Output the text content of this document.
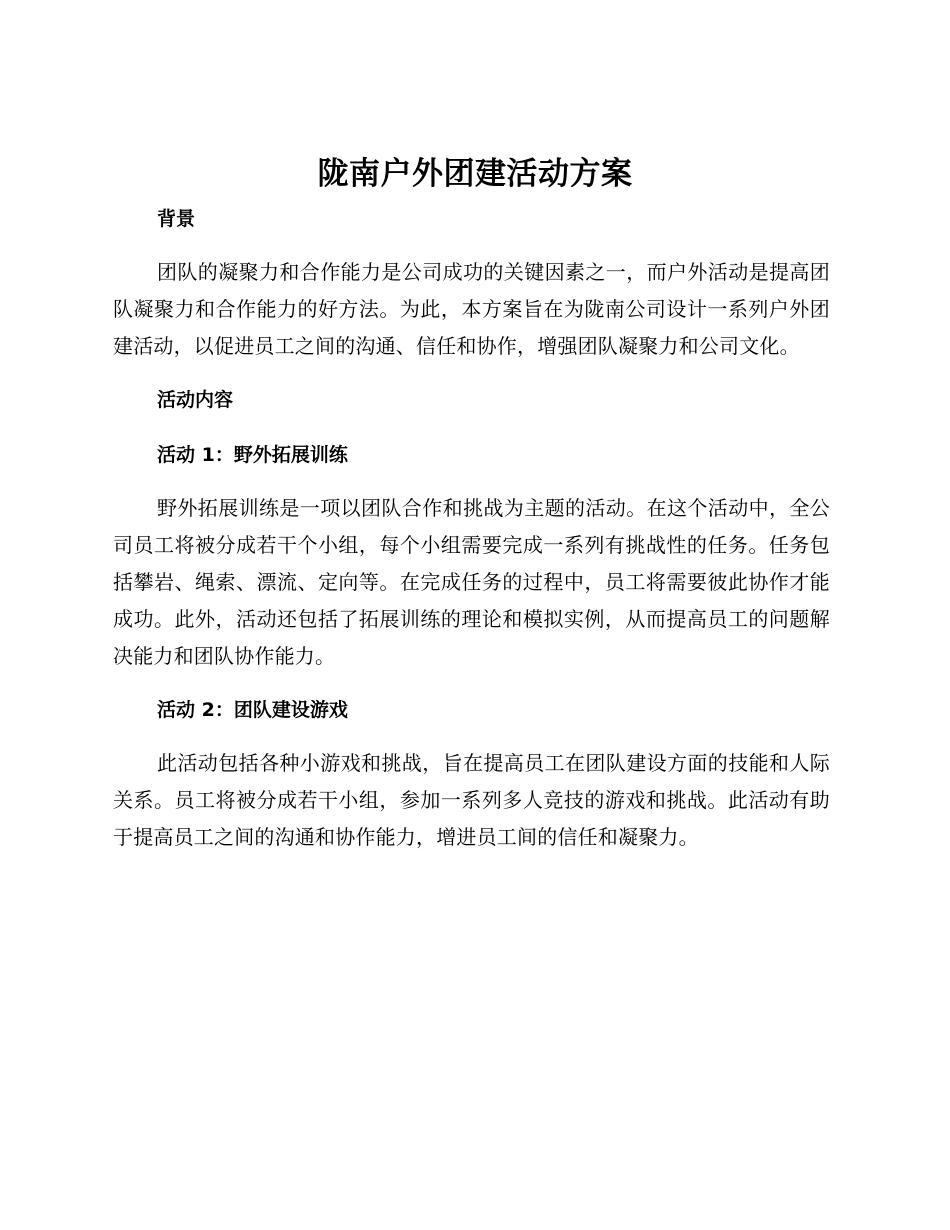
陇南户外团建活动方案
背景

团队的凝聚力和合作能力是公司成功的关键因素之一，而户外活动是提高团队凝聚力和合作能力的好方法。为此，本方案旨在为陇南公司设计一系列户外团建活动，以促进员工之间的沟通、信任和协作，增强团队凝聚力和公司文化。

活动内容
活动 1：野外拓展训练

野外拓展训练是一项以团队合作和挑战为主题的活动。在这个活动中，全公司员工将被分成若干个小组，每个小组需要完成一系列有挑战性的任务。任务包括攀岩、绳索、漂流、定向等。在完成任务的过程中，员工将需要彼此协作才能成功。此外，活动还包括了拓展训练的理论和模拟实例，从而提高员工的问题解决能力和团队协作能力。

活动 2：团队建设游戏

此活动包括各种小游戏和挑战，旨在提高员工在团队建设方面的技能和人际关系。员工将被分成若干小组，参加一系列多人竞技的游戏和挑战。此活动有助于提高员工之间的沟通和协作能力，增进员工间的信任和凝聚力。
